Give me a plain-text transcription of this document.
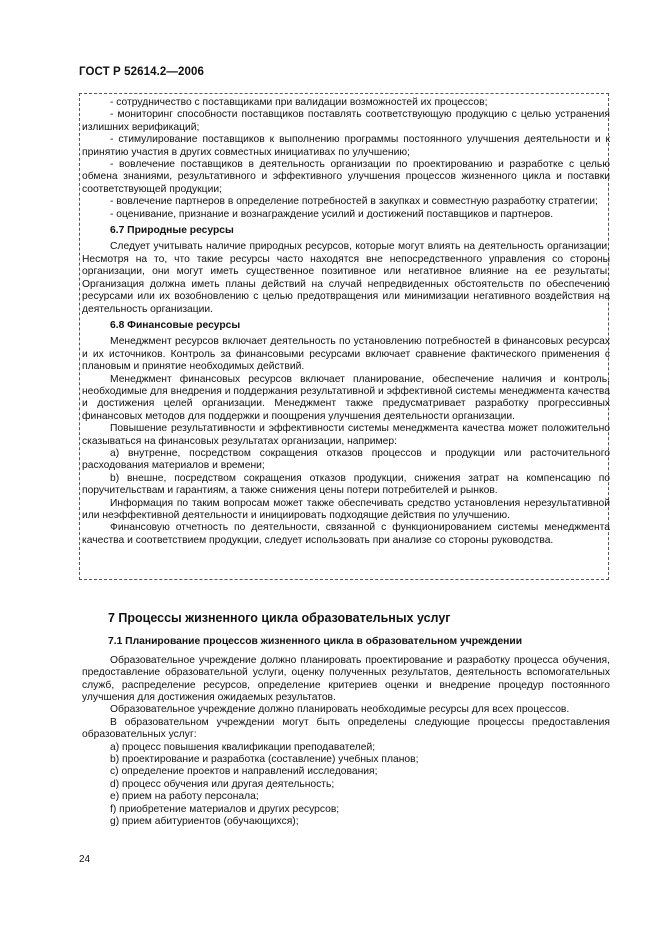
ГОСТ Р 52614.2—2006

- сотрудничество с поставщиками при валидации возможностей их процессов;

- мониторинг способности поставщиков поставлять соответствующую продукцию с целью устранения излишних верификаций;

- стимулирование поставщиков к выполнению программы постоянного улучшения деятельности и к принятию участия в других совместных инициативах по улучшению;

- вовлечение поставщиков в деятельность организации по проектированию и разработке с целью обмена знаниями, результативного и эффективного улучшения процессов жизненного цикла и поставки соответствующей продукции;

- вовлечение партнеров в определение потребностей в закупках и совместную разработку стратегии;

- оценивание, признание и вознаграждение усилий и достижений поставщиков и партнеров.

6.7 Природные ресурсы

Следует учитывать наличие природных ресурсов, которые могут влиять на деятельность организации. Несмотря на то, что такие ресурсы часто находятся вне непосредственного управления со стороны организации, они могут иметь существенное позитивное или негативное влияние на ее результаты. Организация должна иметь планы действий на случай непредвиденных обстоятельств по обеспечению ресурсами или их возобновлению с целью предотвращения или минимизации негативного воздействия на деятельность организации.

6.8 Финансовые ресурсы

Менеджмент ресурсов включает деятельность по установлению потребностей в финансовых ресурсах и их источников. Контроль за финансовыми ресурсами включает сравнение фактического применения с плановым и принятие необходимых действий.

Менеджмент финансовых ресурсов включает планирование, обеспечение наличия и контроль, необходимые для внедрения и поддержания результативной и эффективной системы менеджмента качества и достижения целей организации. Менеджмент также предусматривает разработку прогрессивных финансовых методов для поддержки и поощрения улучшения деятельности организации.

Повышение результативности и эффективности системы менеджмента качества может положительно сказываться на финансовых результатах организации, например:

a) внутренне, посредством сокращения отказов процессов и продукции или расточительного расходования материалов и времени;

b) внешне, посредством сокращения отказов продукции, снижения затрат на компенсацию по поручительствам и гарантиям, а также снижения цены потери потребителей и рынков.

Информация по таким вопросам может также обеспечивать средство установления нерезультативной или неэффективной деятельности и инициировать подходящие действия по улучшению.

Финансовую отчетность по деятельности, связанной с функционированием системы менеджмента качества и соответствием продукции, следует использовать при анализе со стороны руководства.

7 Процессы жизненного цикла образовательных услуг

7.1 Планирование процессов жизненного цикла в образовательном учреждении

Образовательное учреждение должно планировать проектирование и разработку процесса обучения, предоставление образовательной услуги, оценку полученных результатов, деятельность вспомогательных служб, распределение ресурсов, определение критериев оценки и внедрение процедур постоянного улучшения для достижения ожидаемых результатов.

Образовательное учреждение должно планировать необходимые ресурсы для всех процессов.

В образовательном учреждении могут быть определены следующие процессы предоставления образовательных услуг:

a) процесс повышения квалификации преподавателей;

b) проектирование и разработка (составление) учебных планов;

c) определение проектов и направлений исследования;

d) процесс обучения или другая деятельность;

e) прием на работу персонала;

f) приобретение материалов и других ресурсов;

g) прием абитуриентов (обучающихся);

24
